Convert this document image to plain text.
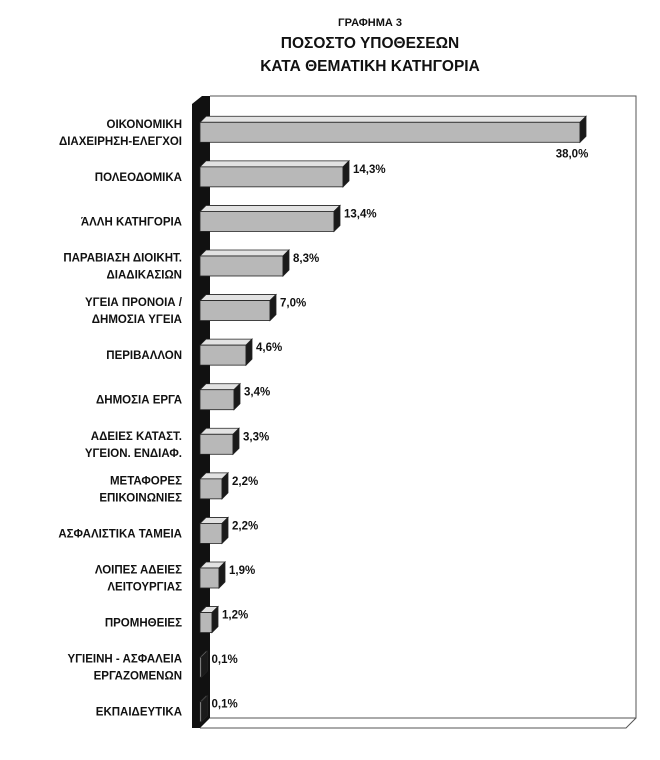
ΓΡΑΦΗΜΑ 3
ΠΟΣΟΣΤΟ ΥΠΟΘΕΣΕΩΝ
ΚΑΤΑ ΘΕΜΑΤΙΚΗ ΚΑΤΗΓΟΡΙΑ
38,0%
ΟΙΚΟΝΟΜΙΚΗ
ΔΙΑΧΕΙΡΗΣΗ-ΕΛΕΓΧΟΙ
14,3%
ΠΟΛΕΟΔΟΜΙΚΑ
13,4%
ΆΛΛΗ ΚΑΤΗΓΟΡΙΑ
8,3%
ΠΑΡΑΒΙΑΣΗ ΔΙΟΙΚΗΤ.
ΔΙΑΔΙΚΑΣΙΩΝ
7,0%
ΥΓΕΙΑ ΠΡΟΝΟΙΑ /
ΔΗΜΟΣΙΑ ΥΓΕΙΑ
4,6%
ΠΕΡΙΒΑΛΛΟΝ
3,4%
ΔΗΜΟΣΙΑ ΕΡΓΑ
3,3%
ΑΔΕΙΕΣ ΚΑΤΑΣΤ.
ΥΓΕΙΟΝ. ΕΝΔΙΑΦ.
2,2%
ΜΕΤΑΦΟΡΕΣ
ΕΠΙΚΟΙΝΩΝΙΕΣ
2,2%
ΑΣΦΑΛΙΣΤΙΚΑ ΤΑΜΕΙΑ
1,9%
ΛΟΙΠΕΣ ΑΔΕΙΕΣ
ΛΕΙΤΟΥΡΓΙΑΣ
1,2%
ΠΡΟΜΗΘΕΙΕΣ
0,1%
ΥΓΙΕΙΝΗ - ΑΣΦΑΛΕΙΑ
ΕΡΓΑΖΟΜΕΝΩΝ
0,1%
ΕΚΠΑΙΔΕΥΤΙΚΑ
